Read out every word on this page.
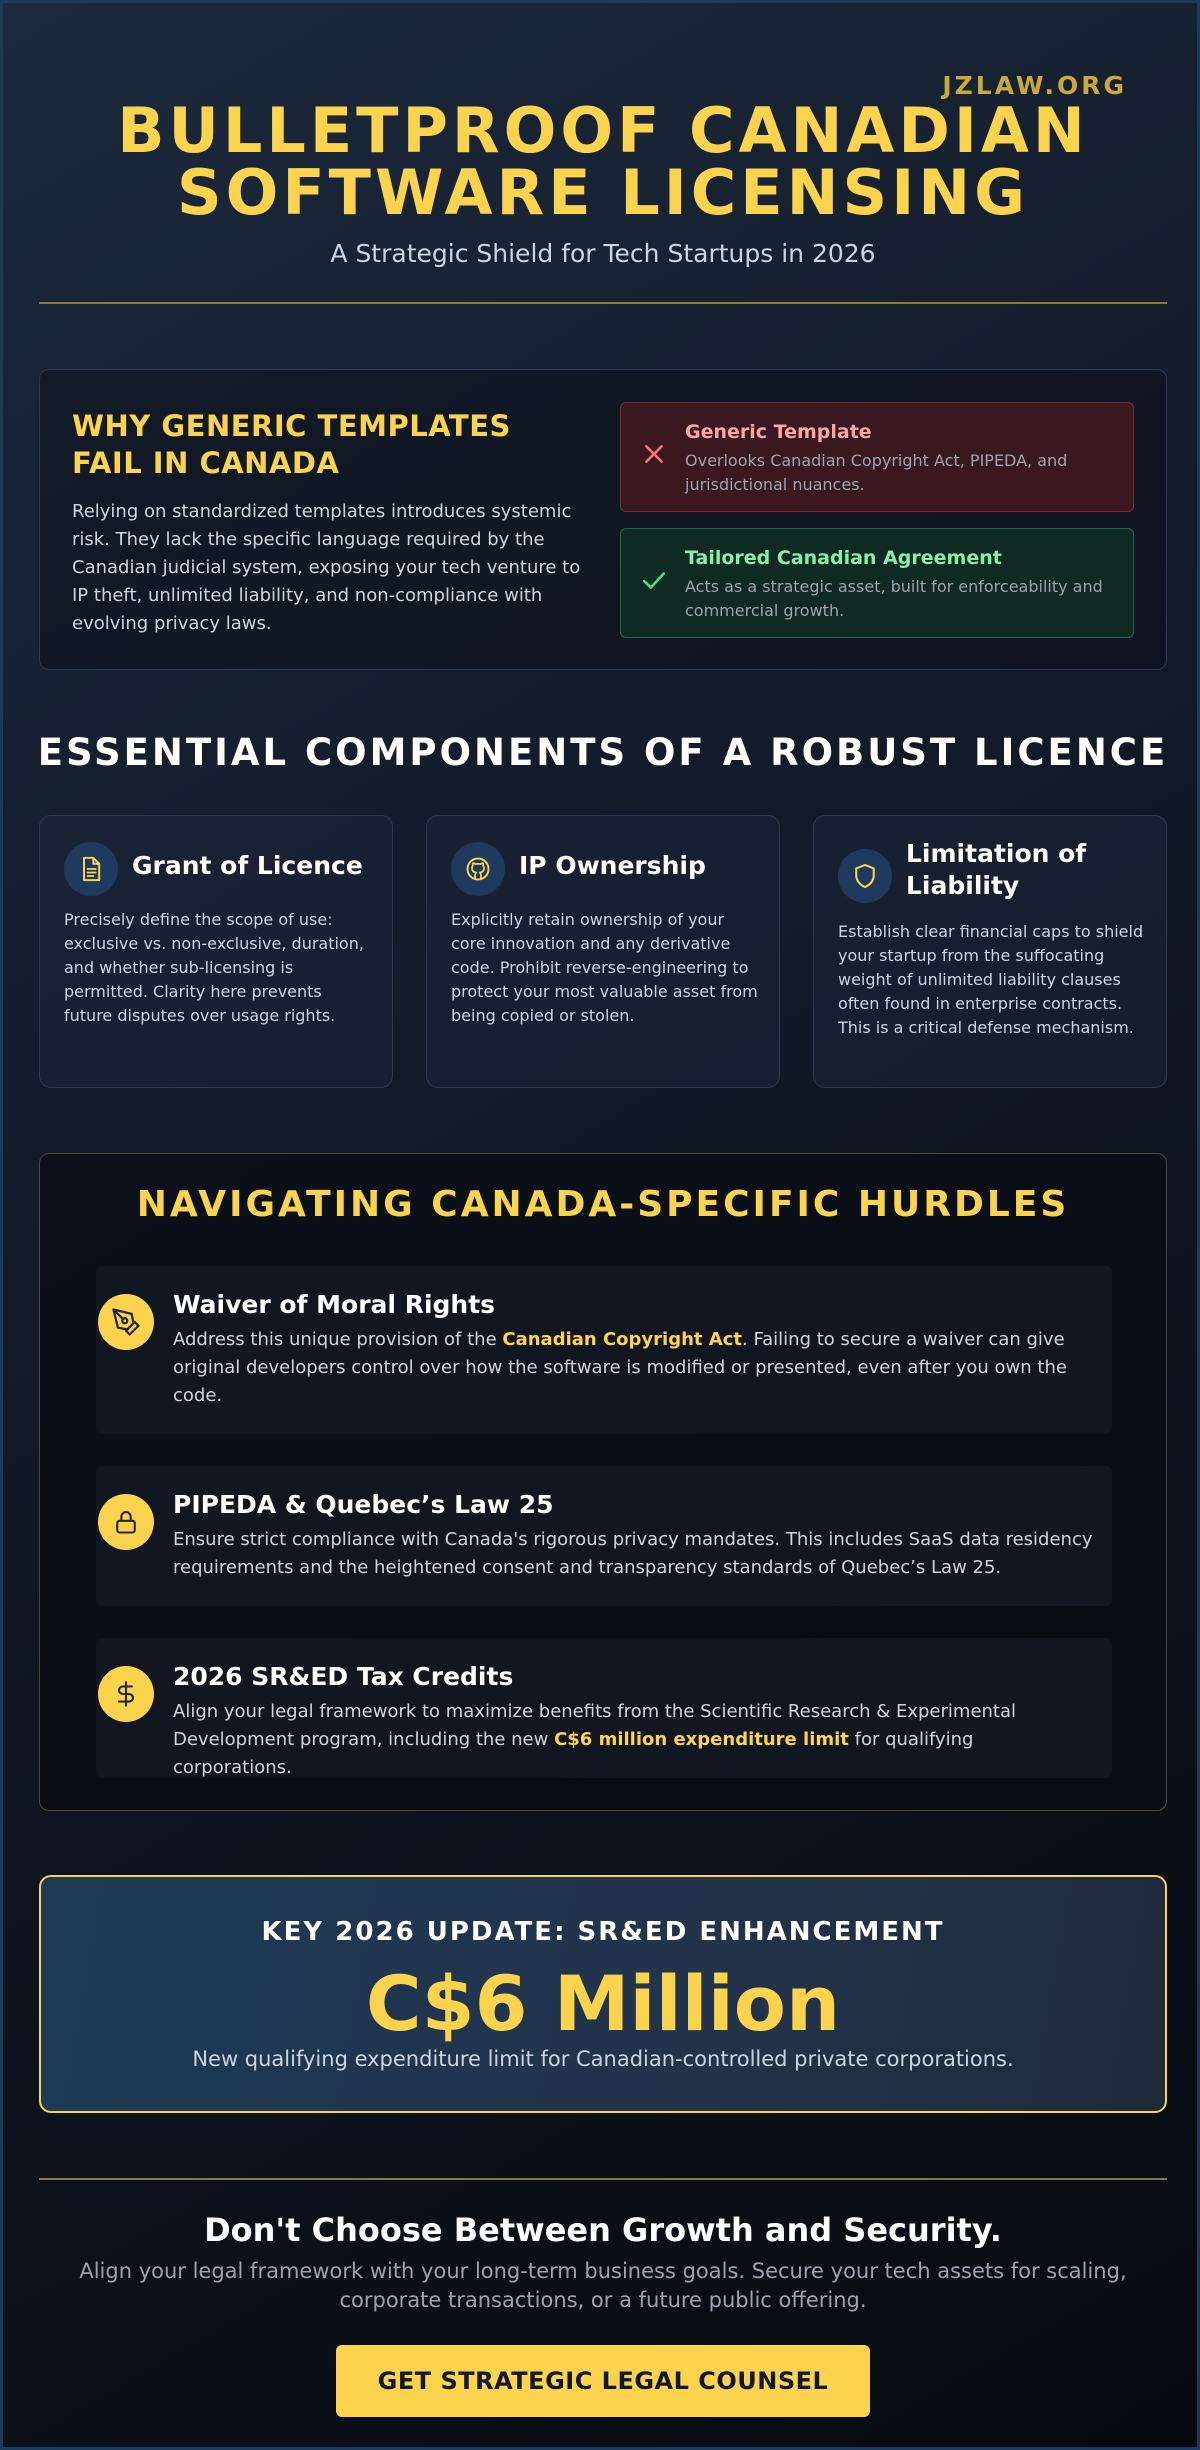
JZLAW.ORG
BULLETPROOF CANADIAN
SOFTWARE LICENSING
A Strategic Shield for Tech Startups in 2026
WHY GENERIC TEMPLATES FAIL IN CANADA
Relying on standardized templates introduces systemic risk. They lack the specific language required by the Canadian judicial system, exposing your tech venture to IP theft, unlimited liability, and non-compliance with evolving privacy laws.
Generic Template
Overlooks Canadian Copyright Act, PIPEDA, and jurisdictional nuances.
Tailored Canadian Agreement
Acts as a strategic asset, built for enforceability and commercial growth.
ESSENTIAL COMPONENTS OF A ROBUST LICENCE
Grant of Licence
Precisely define the scope of use: exclusive vs. non-exclusive, duration, and whether sub-licensing is permitted. Clarity here prevents future disputes over usage rights.
IP Ownership
Explicitly retain ownership of your core innovation and any derivative code. Prohibit reverse-engineering to protect your most valuable asset from being copied or stolen.
Limitation of Liability
Establish clear financial caps to shield your startup from the suffocating weight of unlimited liability clauses often found in enterprise contracts. This is a critical defense mechanism.
NAVIGATING CANADA-SPECIFIC HURDLES
Waiver of Moral Rights
Address this unique provision of the Canadian Copyright Act. Failing to secure a waiver can give original developers control over how the software is modified or presented, even after you own the code.
PIPEDA & Quebec’s Law 25
Ensure strict compliance with Canada's rigorous privacy mandates. This includes SaaS data residency requirements and the heightened consent and transparency standards of Quebec’s Law 25.
2026 SR&ED Tax Credits
Align your legal framework to maximize benefits from the Scientific Research & Experimental Development program, including the new C$6 million expenditure limit for qualifying corporations.
KEY 2026 UPDATE: SR&ED ENHANCEMENT
C$6 Million
New qualifying expenditure limit for Canadian-controlled private corporations.
Don't Choose Between Growth and Security.
Align your legal framework with your long-term business goals. Secure your tech assets for scaling, corporate transactions, or a future public offering.
GET STRATEGIC LEGAL COUNSEL
